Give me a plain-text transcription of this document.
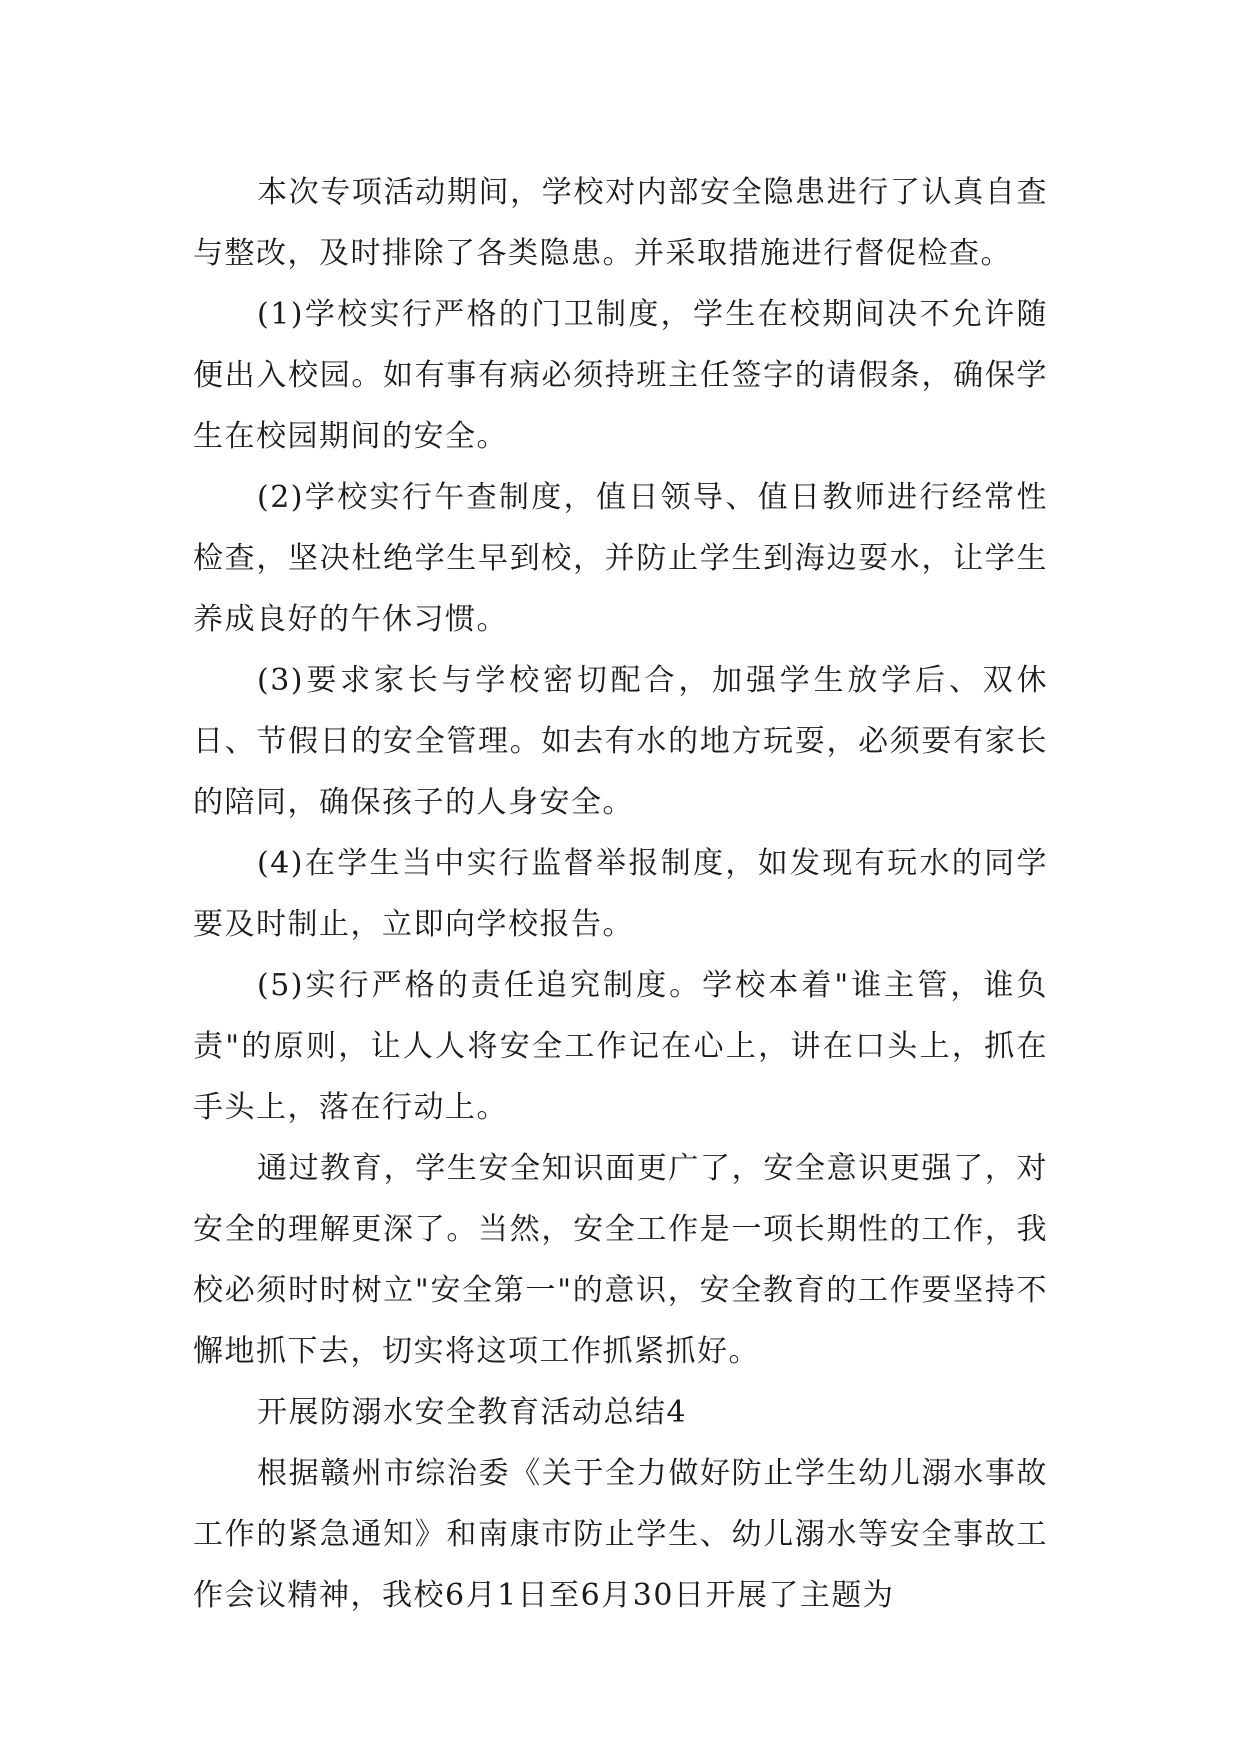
本次专项活动期间，学校对内部安全隐患进行了认真自查与整改，及时排除了各类隐患。并采取措施进行督促检查。

(1)学校实行严格的门卫制度，学生在校期间决不允许随便出入校园。如有事有病必须持班主任签字的请假条，确保学生在校园期间的安全。

(2)学校实行午查制度，值日领导、值日教师进行经常性检查，坚决杜绝学生早到校，并防止学生到海边耍水，让学生养成良好的午休习惯。

(3)要求家长与学校密切配合，加强学生放学后、双休日、节假日的安全管理。如去有水的地方玩耍，必须要有家长的陪同，确保孩子的人身安全。

(4)在学生当中实行监督举报制度，如发现有玩水的同学要及时制止，立即向学校报告。

(5)实行严格的责任追究制度。学校本着"谁主管，谁负责"的原则，让人人将安全工作记在心上，讲在口头上，抓在手头上，落在行动上。

通过教育，学生安全知识面更广了，安全意识更强了，对安全的理解更深了。当然，安全工作是一项长期性的工作，我校必须时时树立"安全第一"的意识，安全教育的工作要坚持不懈地抓下去，切实将这项工作抓紧抓好。

开展防溺水安全教育活动总结4

根据赣州市综治委《关于全力做好防止学生幼儿溺水事故工作的紧急通知》和南康市防止学生、幼儿溺水等安全事故工作会议精神，我校6月1日至6月30日开展了主题为
